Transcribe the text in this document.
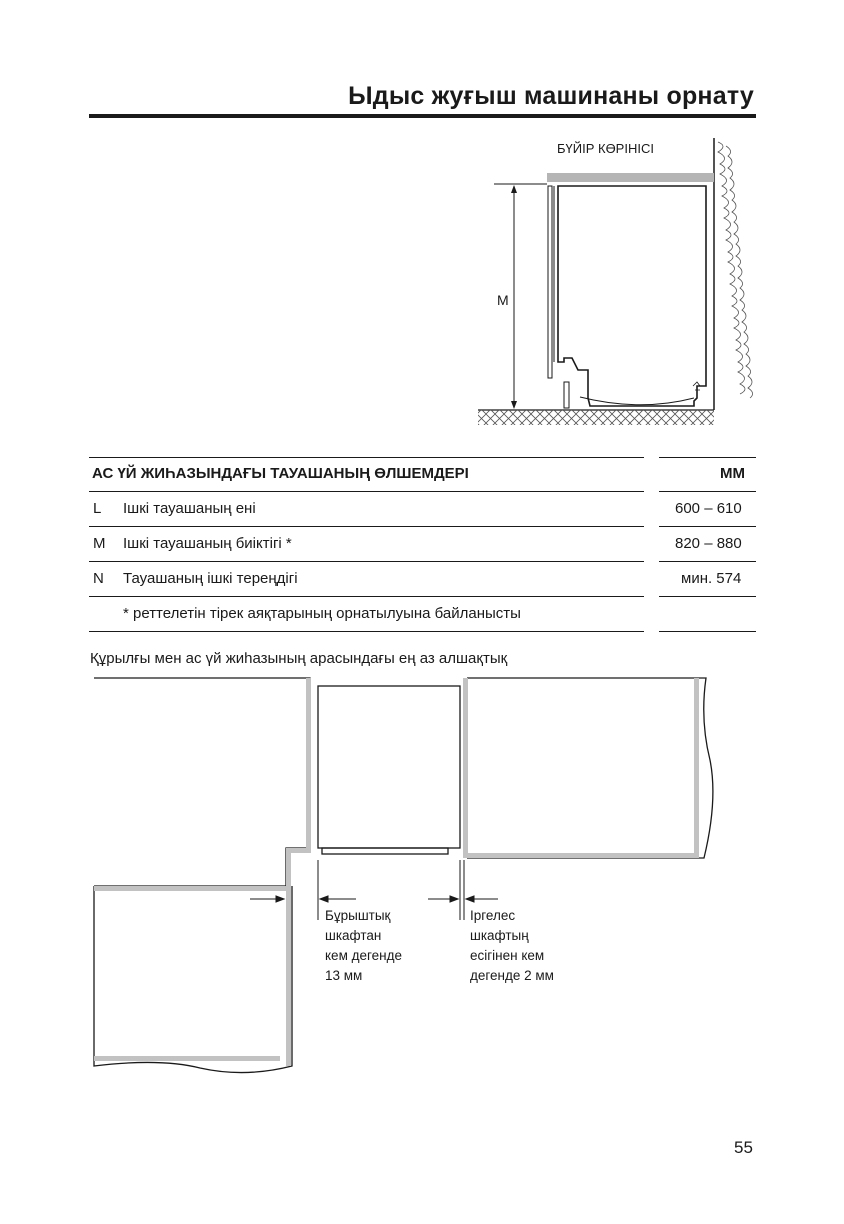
Ыдыс жуғыш машинаны орнату
БҮЙІР КӨРІНІСІ
M
АС ҮЙ ЖИҺАЗЫНДАҒЫ ТАУАШАНЫҢ ӨЛШЕМДЕРІ	ММ
L Ішкі тауашаның ені	600 – 610
M Ішкі тауашаның биіктігі *	820 – 880
N Тауашаның ішкі тереңдігі	мин. 574
* реттелетін тірек аяқтарының орнатылуына байланысты
Құрылғы мен ас үй жиһазының арасындағы ең аз алшақтық
Бұрыштық
шкафтан
кем дегенде
13 мм
Іргелес
шкафтың
есігінен кем
дегенде 2 мм
55
